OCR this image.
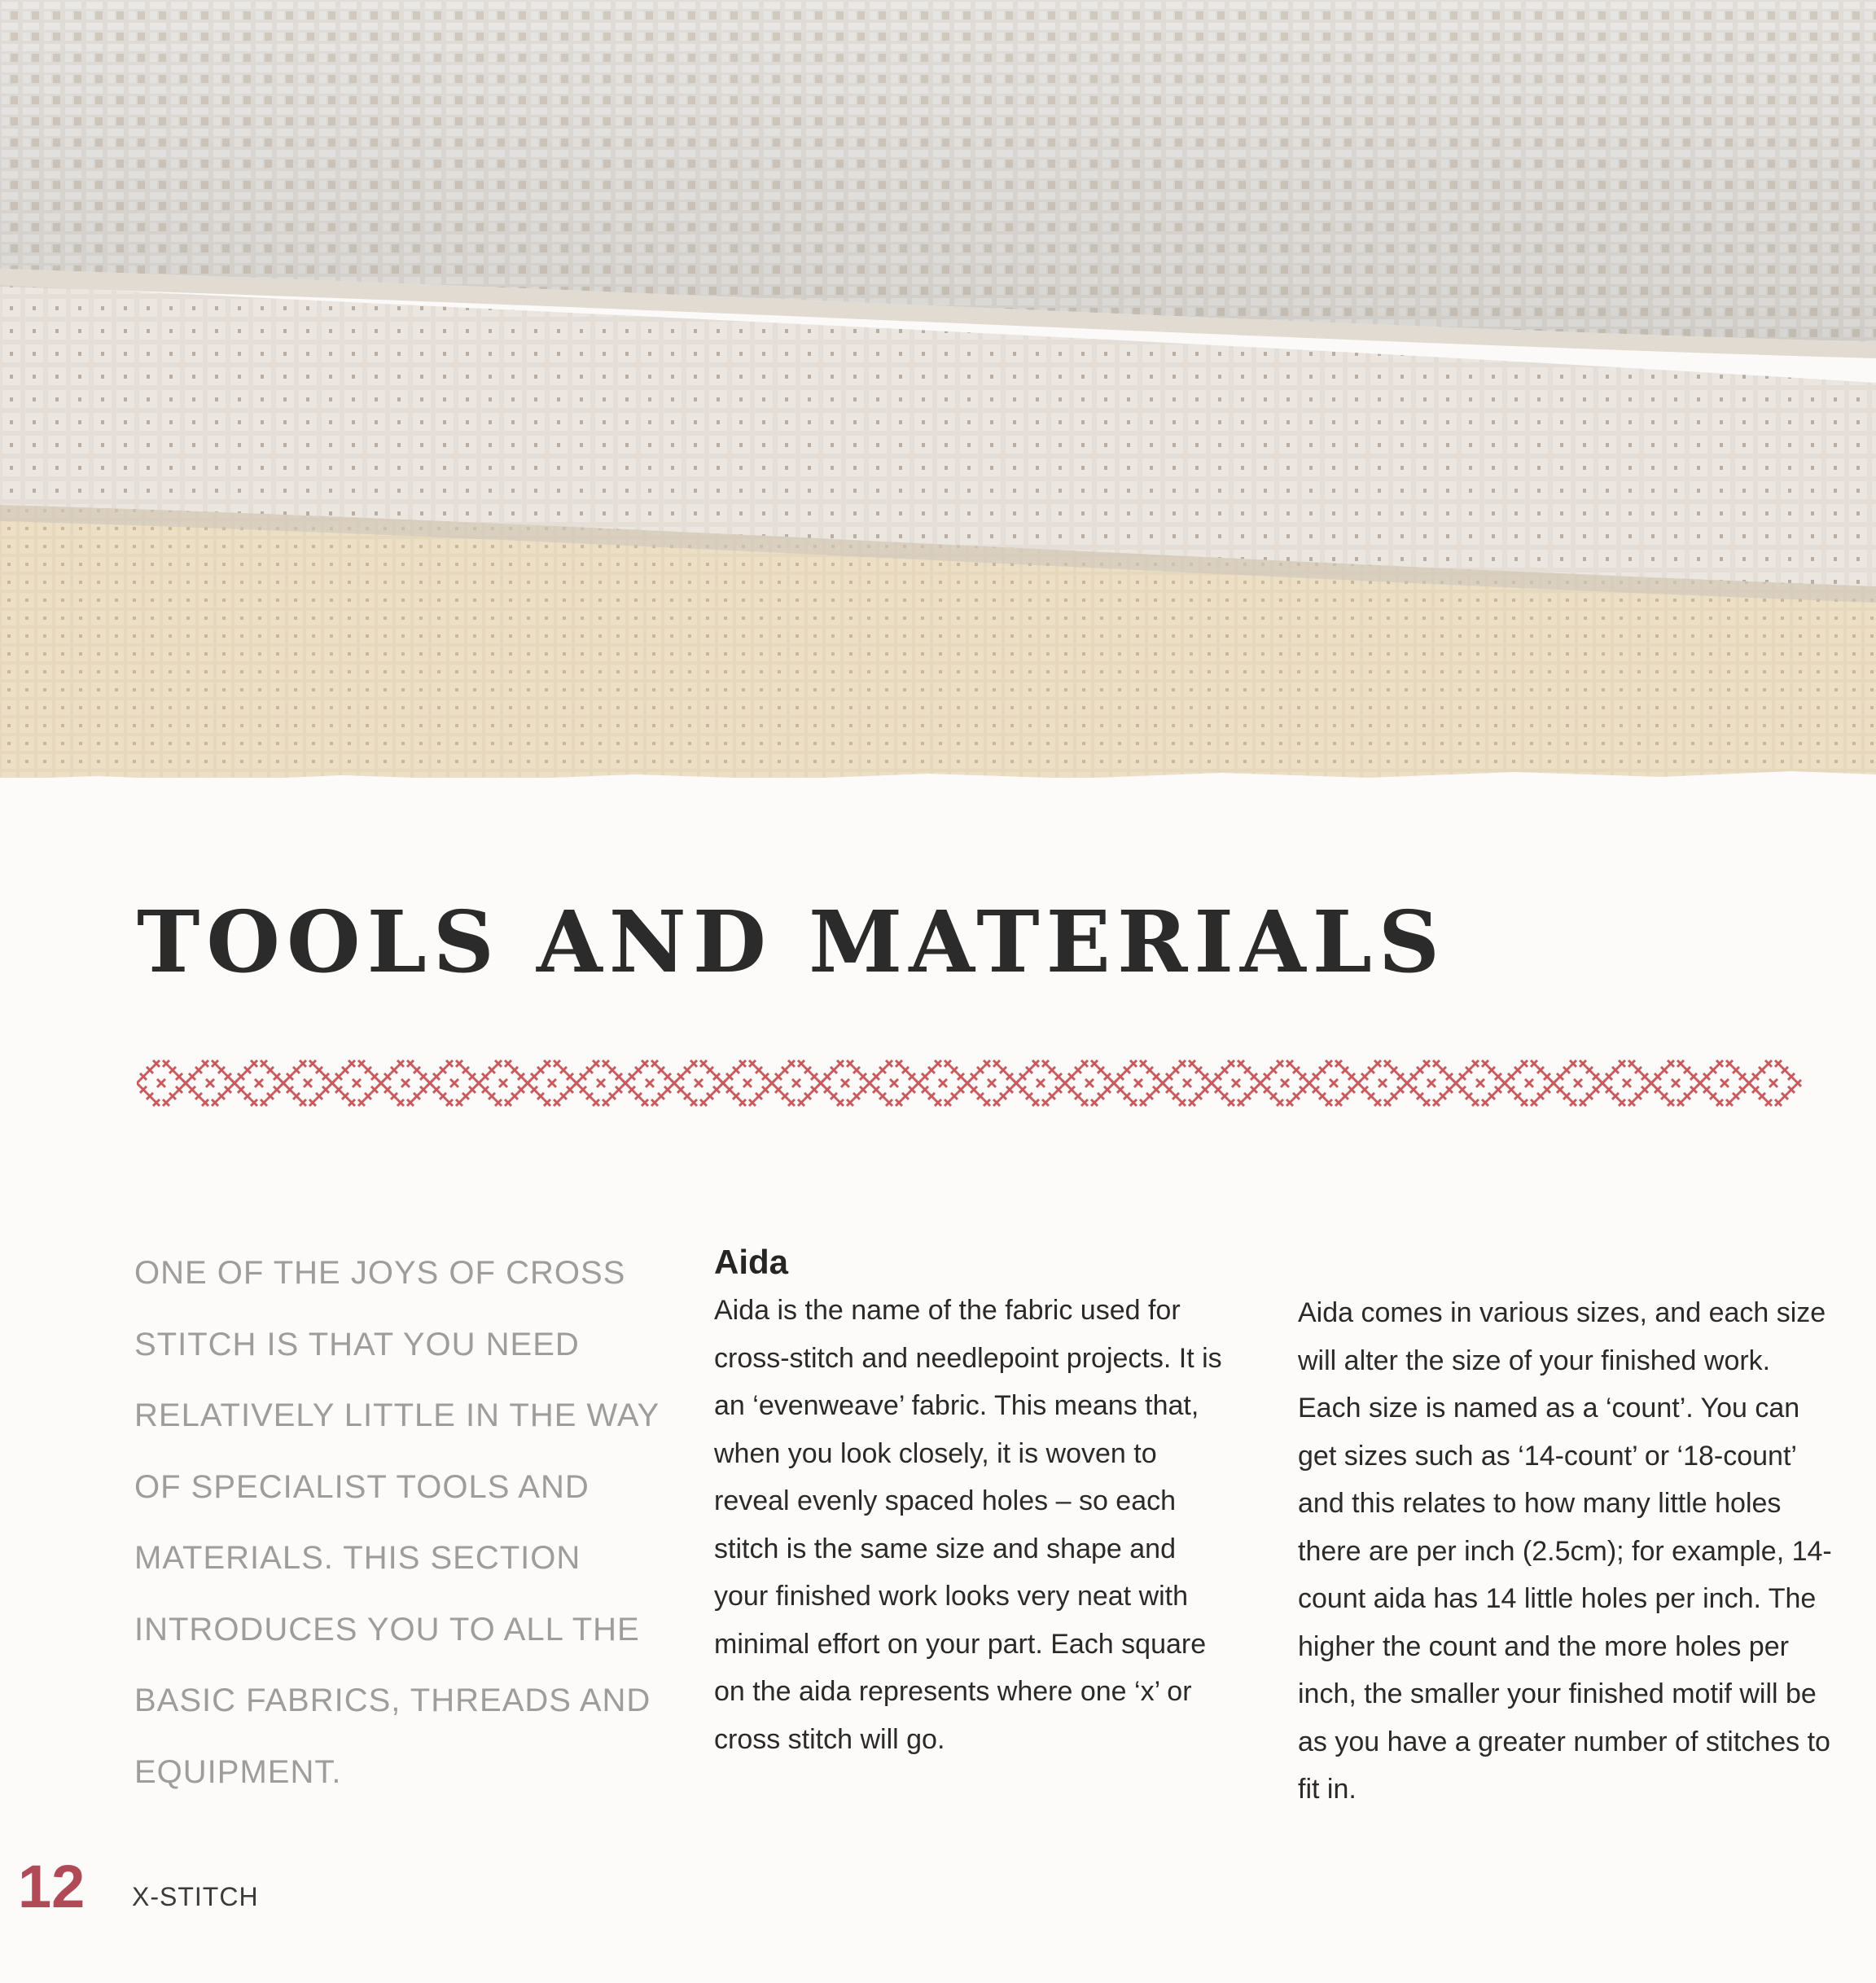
TOOLS AND MATERIALS
ONE OF THE JOYS OF CROSS STITCH IS THAT YOU NEED RELATIVELY LITTLE IN THE WAY OF SPECIALIST TOOLS AND MATERIALS. THIS SECTION INTRODUCES YOU TO ALL THE BASIC FABRICS, THREADS AND EQUIPMENT.
Aida

Aida is the name of the fabric used for cross-stitch and needlepoint projects. It is an ‘evenweave’ fabric. This means that, when you look closely, it is woven to reveal evenly spaced holes – so each stitch is the same size and shape and your finished work looks very neat with minimal effort on your part. Each square on the aida represents where one ‘x’ or cross stitch will go.

Aida comes in various sizes, and each size will alter the size of your finished work. Each size is named as a ‘count’. You can get sizes such as ‘14-count’ or ‘18-count’ and this relates to how many little holes there are per inch (2.5cm); for example, 14-count aida has 14 little holes per inch. The higher the count and the more holes per inch, the smaller your finished motif will be as you have a greater number of stitches to fit in.

12 X-STITCH
